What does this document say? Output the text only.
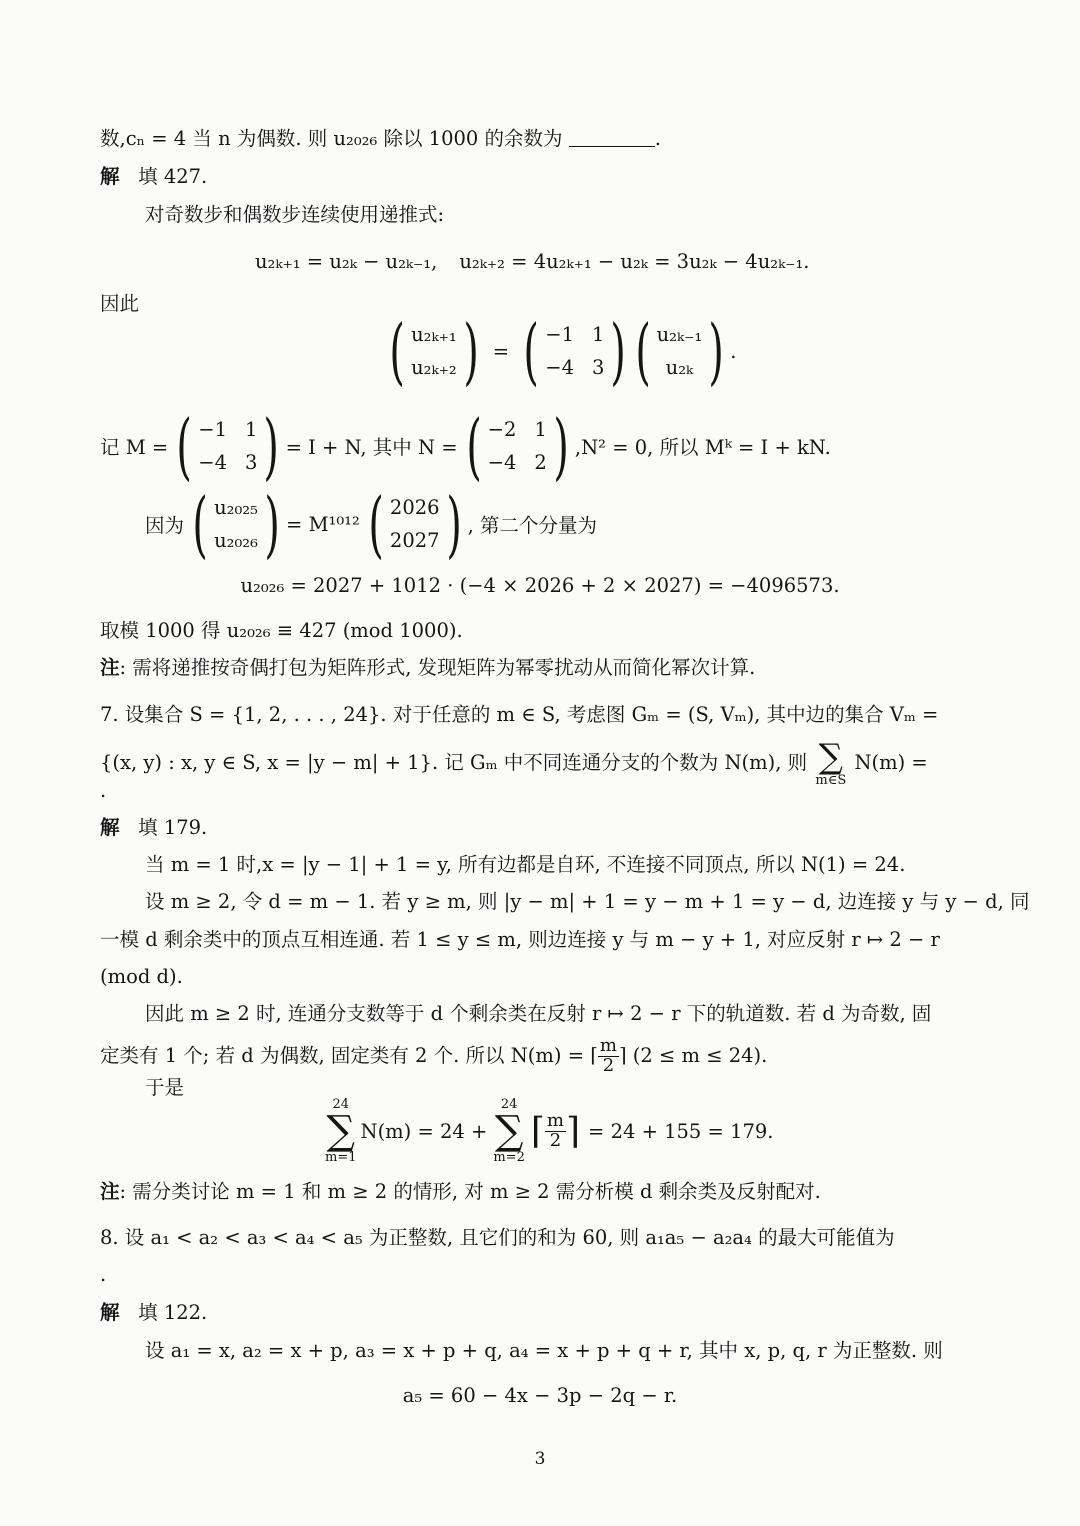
数,cₙ = 4 当 n 为偶数. 则 u₂₀₂₆ 除以 1000 的余数为	.
解 填 427.
对奇数步和偶数步连续使用递推式:
u₂ₖ₊₁ = u₂ₖ − u₂ₖ₋₁, u₂ₖ₊₂ = 4u₂ₖ₊₁ − u₂ₖ = 3u₂ₖ − 4u₂ₖ₋₁.
因此
( u₂ₖ₊₁
u₂ₖ₊₂ ) = ( −1 1
−4 3 ) ( u₂ₖ₋₁
u₂ₖ ) .
记 M = ( −1 1
−4 3 ) = I + N, 其中 N = ( −2 1
−4 2 ) ,N² = 0, 所以 Mᵏ = I + kN.
因为 ( u₂₀₂₅
u₂₀₂₆ ) = M¹⁰¹² ( 2026
2027 ) , 第二个分量为
u₂₀₂₆ = 2027 + 1012 · (−4 × 2026 + 2 × 2027) = −4096573.
取模 1000 得 u₂₀₂₆ ≡ 427 (mod 1000).
注: 需将递推按奇偶打包为矩阵形式, 发现矩阵为幂零扰动从而简化幂次计算.
7. 设集合 S = {1, 2, . . . , 24}. 对于任意的 m ∈ S, 考虑图 Gₘ = (S, Vₘ), 其中边的集合 Vₘ =
{(x, y) : x, y ∈ S, x = |y − m| + 1}. 记 Gₘ 中不同连通分支的个数为 N(m), 则 ∑
m∈S
N(m) =
.
解 填 179.
当 m = 1 时,x = |y − 1| + 1 = y, 所有边都是自环, 不连接不同顶点, 所以 N(1) = 24.
设 m ≥ 2, 令 d = m − 1. 若 y ≥ m, 则 |y − m| + 1 = y − m + 1 = y − d, 边连接 y 与 y − d, 同
一模 d 剩余类中的顶点互相连通. 若 1 ≤ y ≤ m, 则边连接 y 与 m − y + 1, 对应反射 r ↦ 2 − r
(mod d).
因此 m ≥ 2 时, 连通分支数等于 d 个剩余类在反射 r ↦ 2 − r 下的轨道数. 若 d 为奇数, 固
定类有 1 个; 若 d 为偶数, 固定类有 2 个. 所以 N(m) = ⌈ $\frac{m}{2}$ ⌉ (2 ≤ m ≤ 24).
于是
24
∑
m=1
N(m) = 24 +
24
∑
m=2
⌈ $\frac{m}{2}$ ⌉ = 24 + 155 = 179.
注: 需分类讨论 m = 1 和 m ≥ 2 的情形, 对 m ≥ 2 需分析模 d 剩余类及反射配对.
8. 设 a₁ < a₂ < a₃ < a₄ < a₅ 为正整数, 且它们的和为 60, 则 a₁a₅ − a₂a₄ 的最大可能值为
.
解 填 122.
设 a₁ = x, a₂ = x + p, a₃ = x + p + q, a₄ = x + p + q + r, 其中 x, p, q, r 为正整数. 则
a₅ = 60 − 4x − 3p − 2q − r.
3
